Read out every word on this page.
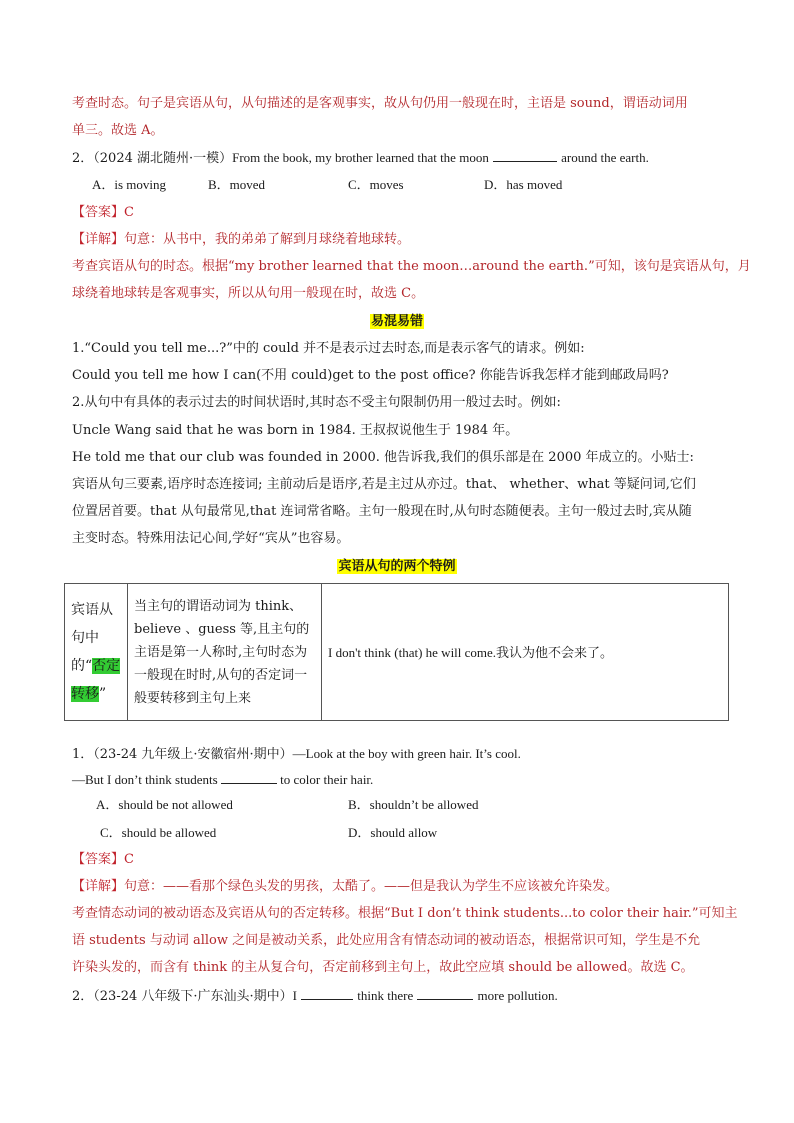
考查时态。句子是宾语从句，从句描述的是客观事实，故从句仍用一般现在时，主语是 sound，谓语动词用
单三。故选 A。
2．（2024 湖北随州·一模）From the book, my brother learned that the moon	around the earth.
A．is moving	B．moved	C．moves	D．has moved
【答案】C
【详解】句意：从书中，我的弟弟了解到月球绕着地球转。
考查宾语从句的时态。根据“my brother learned that the moon…around the earth.”可知，该句是宾语从句，月
球绕着地球转是客观事实，所以从句用一般现在时，故选 C。
易混易错
1.“Could you tell me...?”中的 could 并不是表示过去时态,而是表示客气的请求。例如:
Could you tell me how I can(不用 could)get to the post office? 你能告诉我怎样才能到邮政局吗?
2.从句中有具体的表示过去的时间状语时,其时态不受主句限制仍用一般过去时。例如:
Uncle Wang said that he was born in 1984. 王叔叔说他生于 1984 年。
He told me that our club was founded in 2000. 他告诉我,我们的俱乐部是在 2000 年成立的。小贴士:
宾语从句三要素,语序时态连接词; 主前动后是语序,若是主过从亦过。that、 whether、what 等疑问词,它们
位置居首要。that 从句最常见,that 连词常省略。主句一般现在时,从句时态随便表。主句一般过去时,宾从随
主变时态。特殊用法记心间,学好“宾从”也容易。
宾语从句的两个特例
宾语从句中的“否定转移”	当主句的谓语动词为 think、believe 、guess 等,且主句的主语是第一人称时,主句时态为一般现在时时,从句的否定词一般要转移到主句上来	I don't think (that) he will come.我认为他不会来了。
1．（23-24 九年级上·安徽宿州·期中）—Look at the boy with green hair. It’s cool.
—But I don’t think students	to color their hair.
A．should be not allowed	B．shouldn’t be allowed
C．should be allowed	D．should allow
【答案】C
【详解】句意：——看那个绿色头发的男孩，太酷了。——但是我认为学生不应该被允许染发。
考查情态动词的被动语态及宾语从句的否定转移。根据“But I don’t think students...to color their hair.”可知主
语 students 与动词 allow 之间是被动关系，此处应用含有情态动词的被动语态，根据常识可知，学生是不允
许染头发的，而含有 think 的主从复合句，否定前移到主句上，故此空应填 should be allowed。故选 C。
2．（23-24 八年级下·广东汕头·期中）I	think there	more pollution.
